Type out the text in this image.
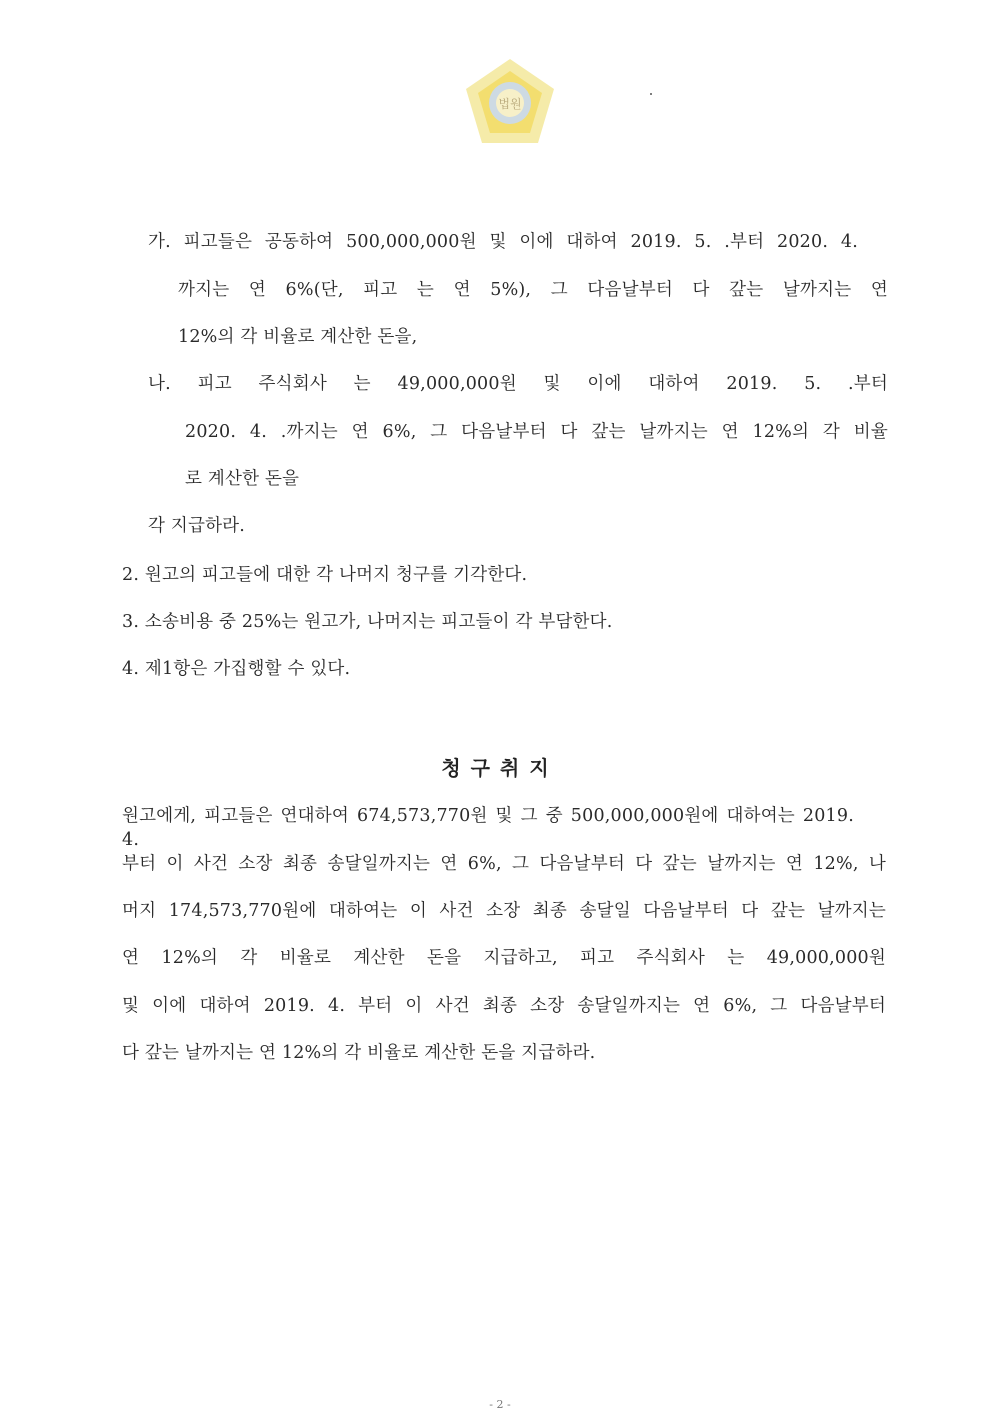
법원
가. 피고들은 공동하여 500,000,000원 및 이에 대하여 2019. 5. .부터 2020. 4.
까지는 연 6%(단, 피고 는 연 5%), 그 다음날부터 다 갚는 날까지는 연
12%의 각 비율로 계산한 돈을,
나. 피고 주식회사 는 49,000,000원 및 이에 대하여 2019. 5. .부터
2020. 4. .까지는 연 6%, 그 다음날부터 다 갚는 날까지는 연 12%의 각 비율
로 계산한 돈을
각 지급하라.
2. 원고의 피고들에 대한 각 나머지 청구를 기각한다.
3. 소송비용 중 25%는 원고가, 나머지는 피고들이 각 부담한다.
4. 제1항은 가집행할 수 있다.
청구취지
원고에게, 피고들은 연대하여 674,573,770원 및 그 중 500,000,000원에 대하여는 2019. 4.
부터 이 사건 소장 최종 송달일까지는 연 6%, 그 다음날부터 다 갚는 날까지는 연 12%, 나
머지 174,573,770원에 대하여는 이 사건 소장 최종 송달일 다음날부터 다 갚는 날까지는
연 12%의 각 비율로 계산한 돈을 지급하고, 피고 주식회사 는 49,000,000원
및 이에 대하여 2019. 4. 부터 이 사건 최종 소장 송달일까지는 연 6%, 그 다음날부터
다 갚는 날까지는 연 12%의 각 비율로 계산한 돈을 지급하라.
- 2 -
